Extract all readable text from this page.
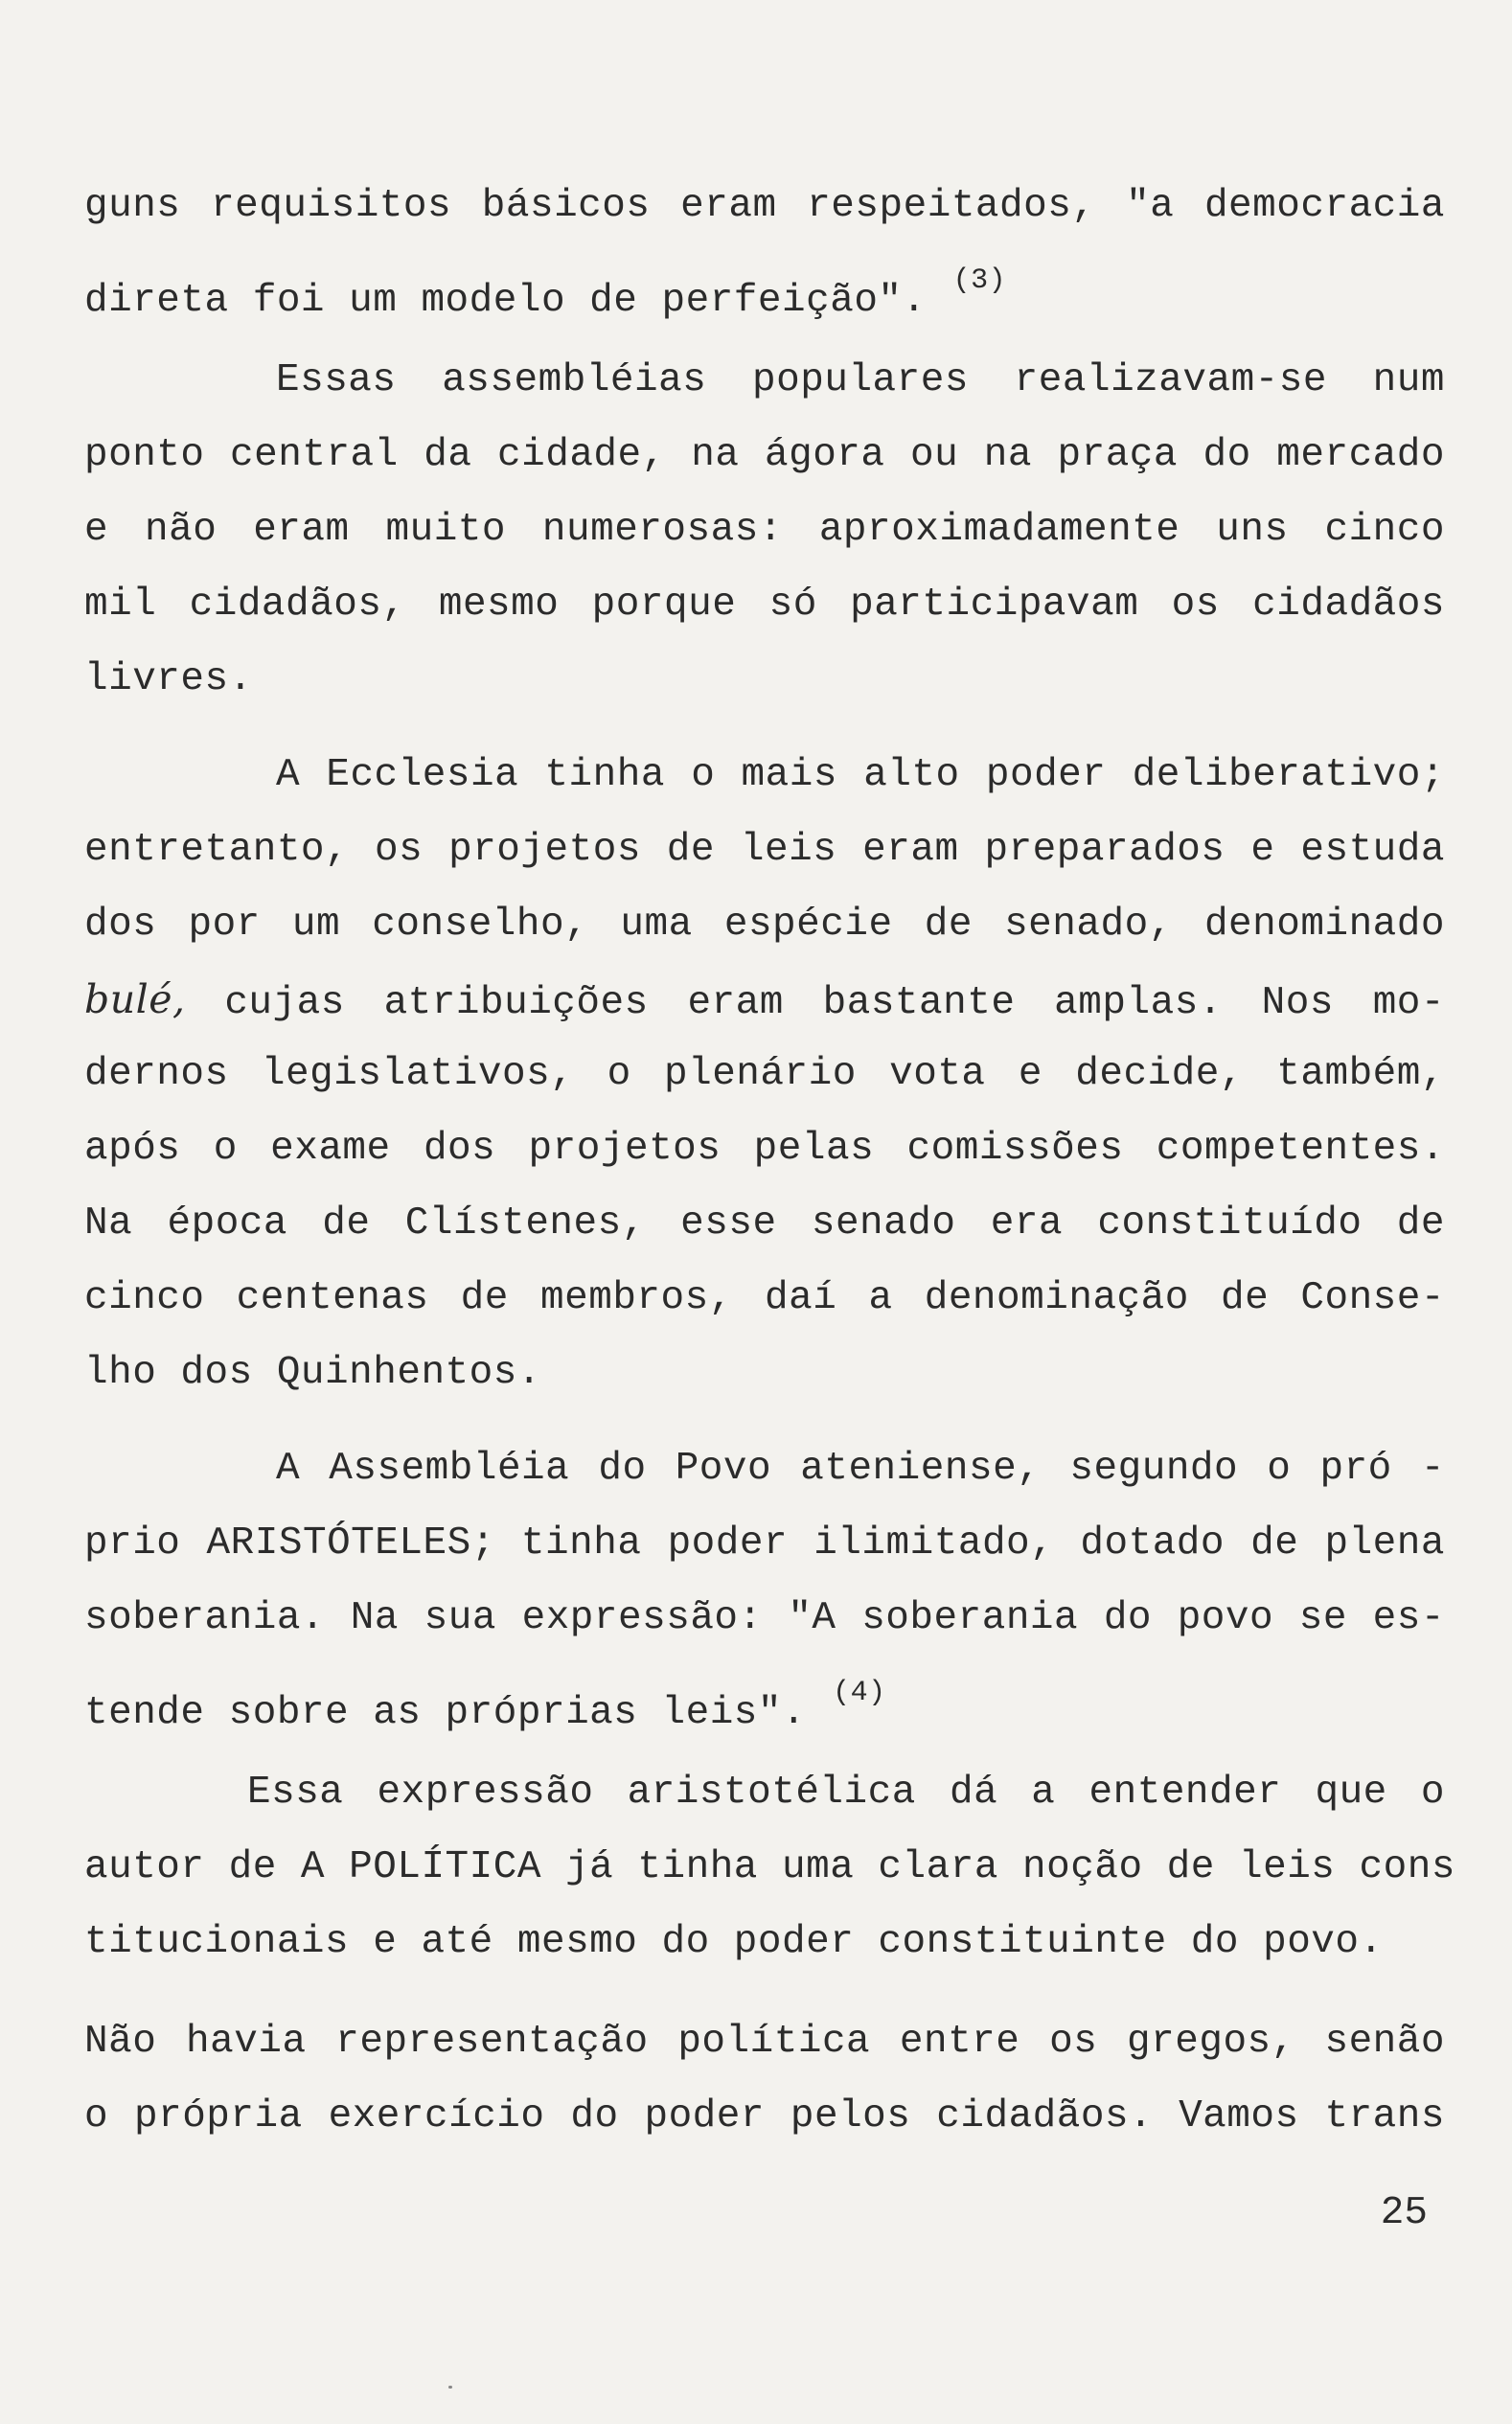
guns requisitos básicos eram respeitados, "a democracia
direta foi um modelo de perfeição". $^{(3)}$
Essas assembléias populares realizavam-se num
ponto central da cidade, na ágora ou na praça do mercado
e não eram muito numerosas: aproximadamente uns cinco
mil cidadãos, mesmo porque só participavam os cidadãos
livres.
A Ecclesia tinha o mais alto poder deliberativo;
entretanto, os projetos de leis eram preparados e estuda
dos por um conselho, uma espécie de senado, denominado
bulé, cujas atribuições eram bastante amplas. Nos mo-
dernos legislativos, o plenário vota e decide, também,
após o exame dos projetos pelas comissões competentes.
Na época de Clístenes, esse senado era constituído de
cinco centenas de membros, daí a denominação de Conse-
lho dos Quinhentos.
A Assembléia do Povo ateniense, segundo o pró -
prio ARISTÓTELES; tinha poder ilimitado, dotado de plena
soberania. Na sua expressão: "A soberania do povo se es-
tende sobre as próprias leis". $^{(4)}$
Essa expressão aristotélica dá a entender que o
autor de A POLÍTICA já tinha uma clara noção de leis cons
titucionais e até mesmo do poder constituinte do povo.
Não havia representação política entre os gregos, senão
o própria exercício do poder pelos cidadãos. Vamos trans
25
